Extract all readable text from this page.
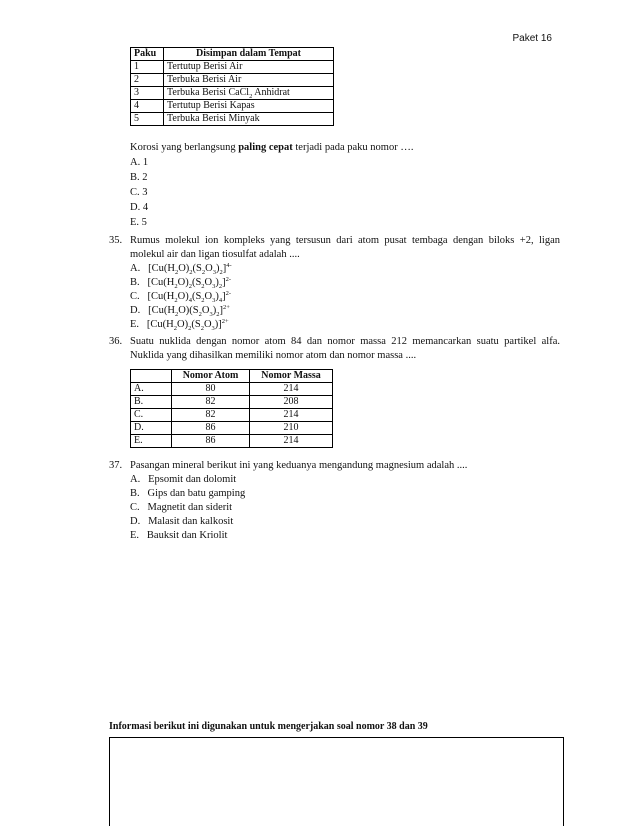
Paket 16
Paku	Disimpan dalam Tempat
1	Tertutup Berisi Air
2	Terbuka Berisi Air
3	Terbuka Berisi CaCl$_2$ Anhidrat
4	Tertutup Berisi Kapas
5	Terbuka Berisi Minyak
Korosi yang berlangsung paling cepat terjadi pada paku nomor ….
A. 1
B. 2
C. 3
D. 4
E. 5
35. Rumus molekul ion kompleks yang tersusun dari atom pusat tembaga dengan biloks +2, ligan
molekul air dan ligan tiosulfat adalah ....
A. $[Cu(H_2O)_2(S_2O_3)_2]^{4-}$
B. $[Cu(H_2O)_2(S_2O_3)_2]^{2-}$
C. $[Cu(H_2O)_4(S_2O_3)_4]^{2-}$
D. $[Cu(H_2O)(S_2O_3)_2]^{2+}$
E. $[Cu(H_2O)_2(S_2O_3)]^{2+}$
36. Suatu nuklida dengan nomor atom 84 dan nomor massa 212 memancarkan suatu partikel alfa.
Nuklida yang dihasilkan memiliki nomor atom dan nomor massa ....
	Nomor Atom	Nomor Massa
A.	80	214
B.	82	208
C.	82	214
D.	86	210
E.	86	214
37. Pasangan mineral berikut ini yang keduanya mengandung magnesium adalah ....
A.   Epsomit dan dolomit
B.   Gips dan batu gamping
C.   Magnetit dan siderit
D.   Malasit dan kalkosit
E.   Bauksit dan Kriolit
Informasi berikut ini digunakan untuk mengerjakan soal nomor 38 dan 39
